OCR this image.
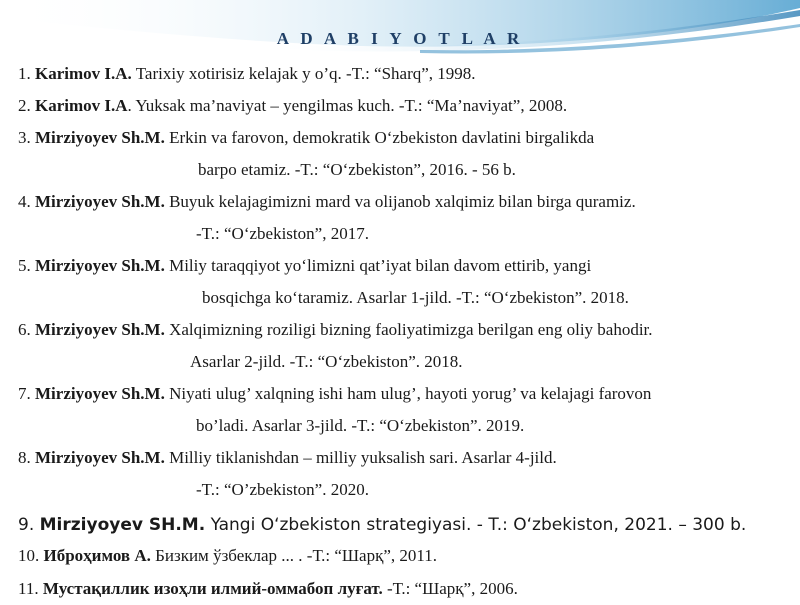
A D A B I Y O T L A R
1. Karimov I.A. Tarixiy xotirisiz kelajak y o’q. -T.: “Sharq”, 1998.
2. Karimov I.A. Yuksak ma’naviyat – yengilmas kuch. -T.: “Ma’naviyat”, 2008.
3. Mirziyoyev Sh.M. Erkin va farovon, demokratik O‘zbekiston davlatini birgalikda
barpo etamiz. -T.: “O‘zbekiston”, 2016. - 56 b.
4. Mirziyoyev Sh.M. Buyuk kelajagimizni mard va olijanob xalqimiz bilan birga quramiz.
-T.: “O‘zbekiston”, 2017.
5. Mirziyoyev Sh.M. Miliy taraqqiyot yo‘limizni qat’iyat bilan davom ettirib, yangi
bosqichga ko‘taramiz. Asarlar 1-jild. -T.: “O‘zbekiston”. 2018.
6. Mirziyoyev Sh.M. Xalqimizning roziligi bizning faoliyatimizga berilgan eng oliy bahodir.
Asarlar 2-jild. -T.: “O‘zbekiston”. 2018.
7. Mirziyoyev Sh.M. Niyati ulug’ xalqning ishi ham ulug’, hayoti yorug’ va kelajagi farovon
bo’ladi. Asarlar 3-jild. -T.: “O‘zbekiston”. 2019.
8. Mirziyoyev Sh.M. Milliy tiklanishdan – milliy yuksalish sari. Asarlar 4-jild.
-T.: “O’zbekiston”. 2020.
9. Mirziyoyev SH.M. Yangi O‘zbekiston strategiyasi. - T.: O‘zbekiston, 2021. – 300 b.
10. Иброҳимов А. Бизким ўзбеклар ... . -Т.: “Шарқ”, 2011.
11. Мустақиллик изоҳли илмий-оммабоп луғат. -Т.: “Шарқ”, 2006.
